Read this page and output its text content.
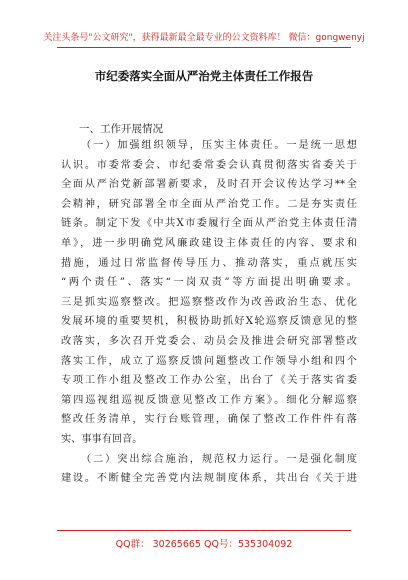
关注头条号"公文研究"，获得最新最全最专业的公文资料库！ 微信：gongwenyj
市纪委落实全面从严治党主体责任工作报告
一、工作开展情况
（一）加强组织领导，压实主体责任。一是统一思想
认识。市委常委会、市纪委常委会认真贯彻落实省委关于
全面从严治党新部署新要求，及时召开会议传达学习**全
会精神，研究部署全市全面从严治党工作。二是夯实责任
链条。制定下发《中共X市委履行全面从严治党主体责任清
单》，进一步明确党风廉政建设主体责任的内容、要求和
措施，通过日常监督传导压力、推动落实，重点就压实
“两个责任”、落实“一岗双责”等方面提出明确要求。
三是抓实巡察整改。把巡察整改作为改善政治生态、优化
发展环境的重要契机，积极协助抓好X轮巡察反馈意见的整
改落实，多次召开党委会、动员会及推进会研究部署整改
落实工作，成立了巡察反馈问题整改工作领导小组和四个
专项工作小组及整改工作办公室，出台了《关于落实省委
第四巡视组巡视反馈意见整改工作方案》。细化分解巡察
整改任务清单，实行台账管理，确保了整改工作件件有落
实、事事有回音。
（二）突出综合施治，规范权力运行。一是强化制度
建设。不断健全完善党内法规制度体系，共出台《关于进
QQ群： 30265665 QQ号：535304092
